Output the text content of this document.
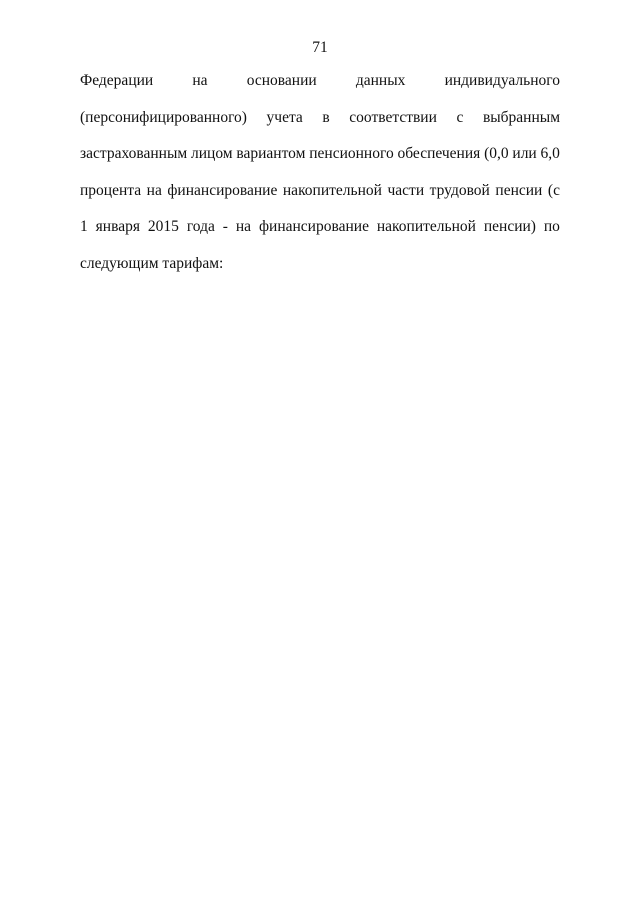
71
Федерации	на	основании	данных	индивидуального
(персонифицированного) учета в соответствии с выбранным
застрахованным лицом вариантом пенсионного обеспечения (0,0 или 6,0
процента на финансирование накопительной части трудовой пенсии (с
1 января 2015 года - на финансирование накопительной пенсии) по
следующим тарифам:
